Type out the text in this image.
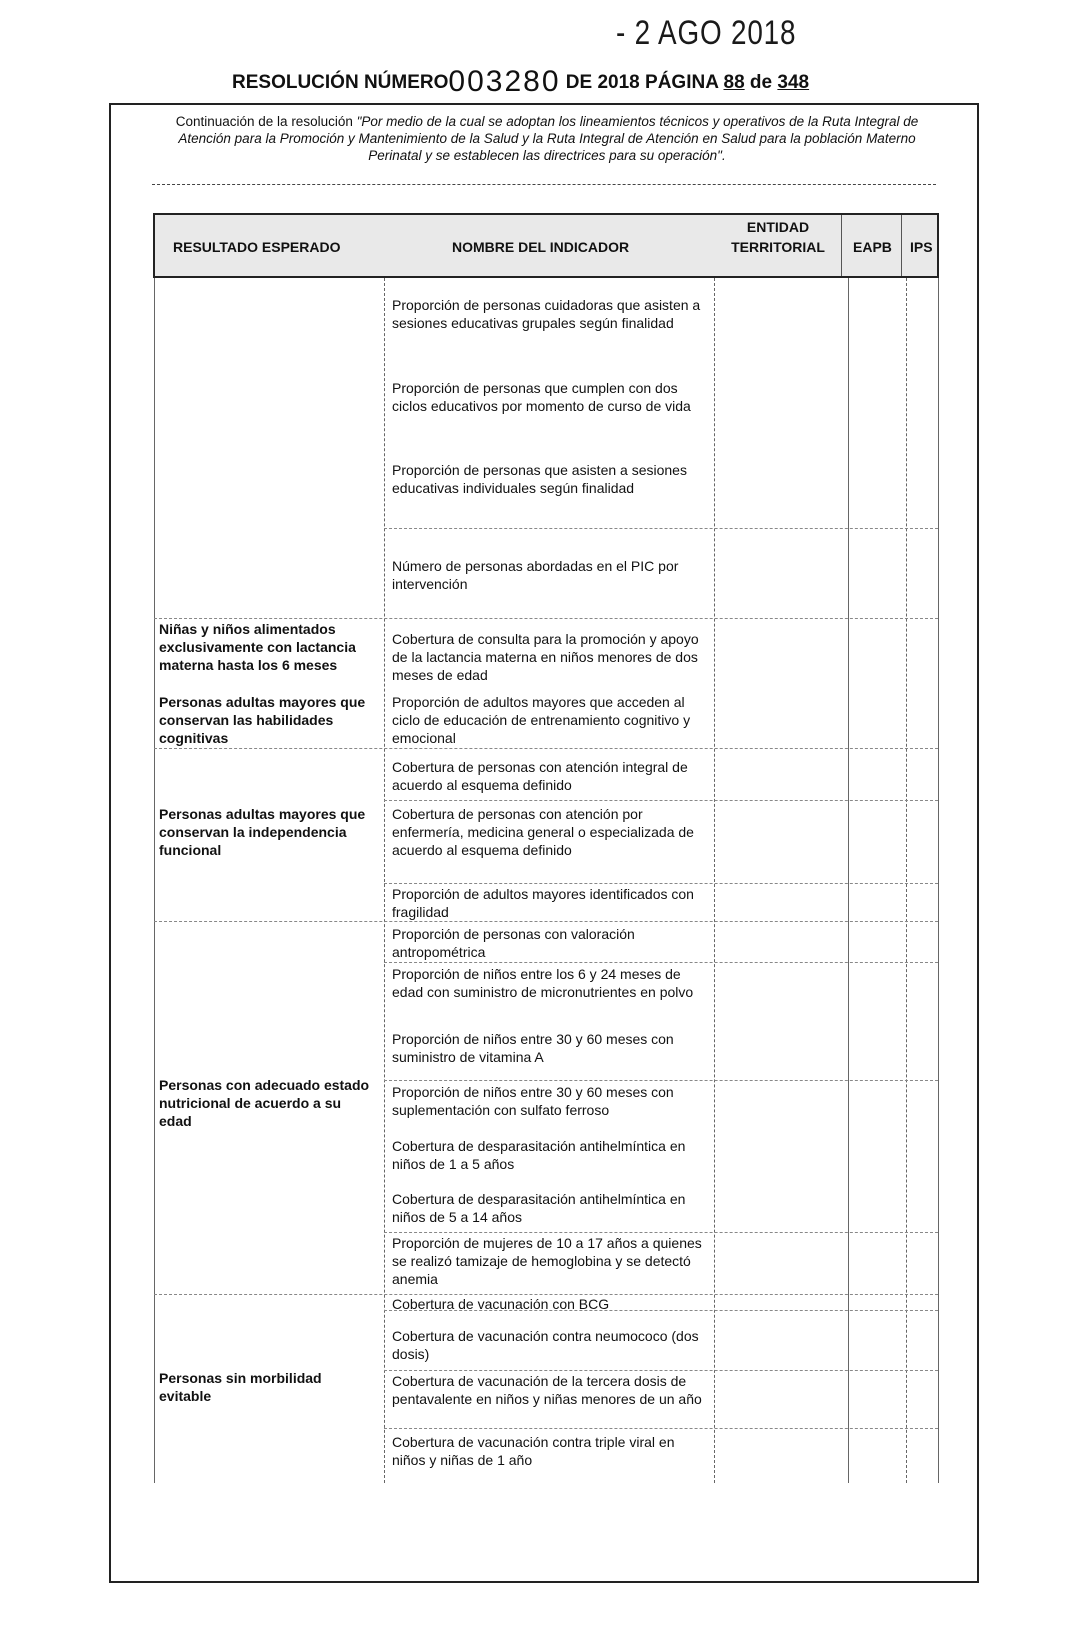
- 2 AGO 2018
RESOLUCIÓN NÚMERO003280 DE 2018 PÁGINA 88 de 348
Continuación de la resolución "Por medio de la cual se adoptan los lineamientos técnicos y operativos de la Ruta Integral de Atención para la Promoción y Mantenimiento de la Salud y la Ruta Integral de Atención en Salud para la población Materno Perinatal y se establecen las directrices para su operación".
RESULTADO ESPERADO	NOMBRE DEL INDICADOR
ENTIDAD
TERRITORIAL EAPB IPS
Niñas y niños alimentados exclusivamente con lactancia materna hasta los 6 meses
Personas adultas mayores que conservan las habilidades cognitivas
Personas adultas mayores que conservan la independencia funcional
Personas con adecuado estado nutricional de acuerdo a su edad
Personas sin morbilidad evitable
Proporción de personas cuidadoras que asisten a sesiones educativas grupales según finalidad
Proporción de personas que cumplen con dos ciclos educativos por momento de curso de vida
Proporción de personas que asisten a sesiones educativas individuales según finalidad
Número de personas abordadas en el PIC por intervención
Cobertura de consulta para la promoción y apoyo de la lactancia materna en niños menores de dos meses de edad
Proporción de adultos mayores que acceden al ciclo de educación de entrenamiento cognitivo y emocional
Cobertura de personas con atención integral de acuerdo al esquema definido
Cobertura de personas con atención por enfermería, medicina general o especializada de acuerdo al esquema definido
Proporción de adultos mayores identificados con fragilidad
Proporción de personas con valoración antropométrica
Proporción de niños entre los 6 y 24 meses de edad con suministro de micronutrientes en polvo
Proporción de niños entre 30 y 60 meses con suministro de vitamina A
Proporción de niños entre 30 y 60 meses con suplementación con sulfato ferroso
Cobertura de desparasitación antihelmíntica en niños de 1 a 5 años
Cobertura de desparasitación antihelmíntica en niños de 5 a 14 años
Proporción de mujeres de 10 a 17 años a quienes se realizó tamizaje de hemoglobina y se detectó anemia
Cobertura de vacunación con BCG
Cobertura de vacunación contra neumococo (dos dosis)
Cobertura de vacunación de la tercera dosis de pentavalente en niños y niñas menores de un año
Cobertura de vacunación contra triple viral en niños y niñas de 1 año
